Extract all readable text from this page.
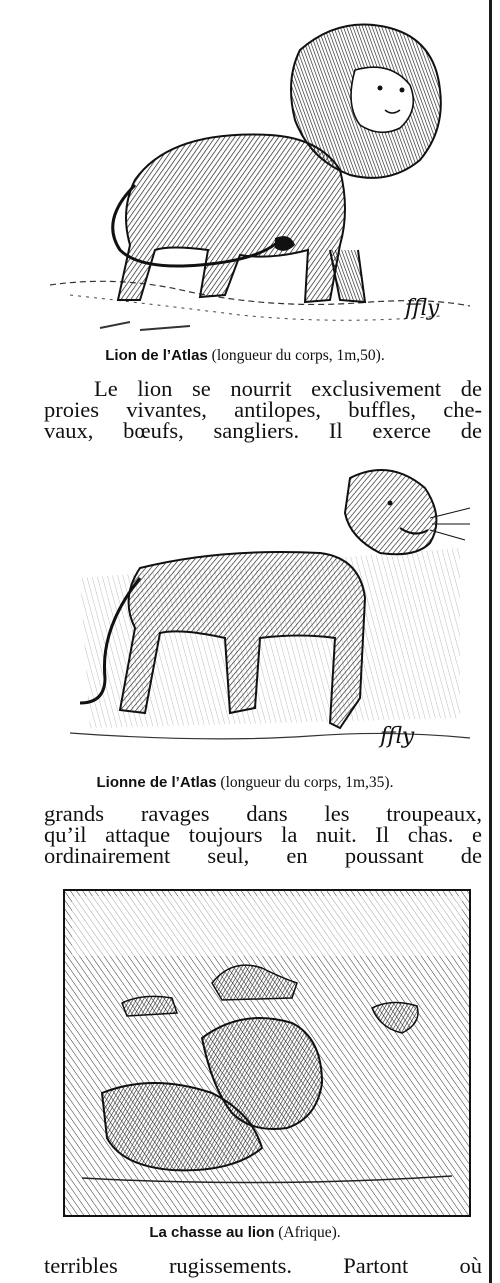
ffly
Lion de l’Atlas (longueur du corps, 1m,50).
Le lion se nourrit exclusivement de
proies vivantes, antilopes, buffles, che-
vaux, bœufs, sangliers. Il exerce de
ffly
Lionne de l’Atlas (longueur du corps, 1m,35).
grands ravages dans les troupeaux,
qu’il attaque toujours la nuit. Il chas. e
ordinairement seul, en poussant de
La chasse au lion (Afrique).
terribles rugissements. Partont où
